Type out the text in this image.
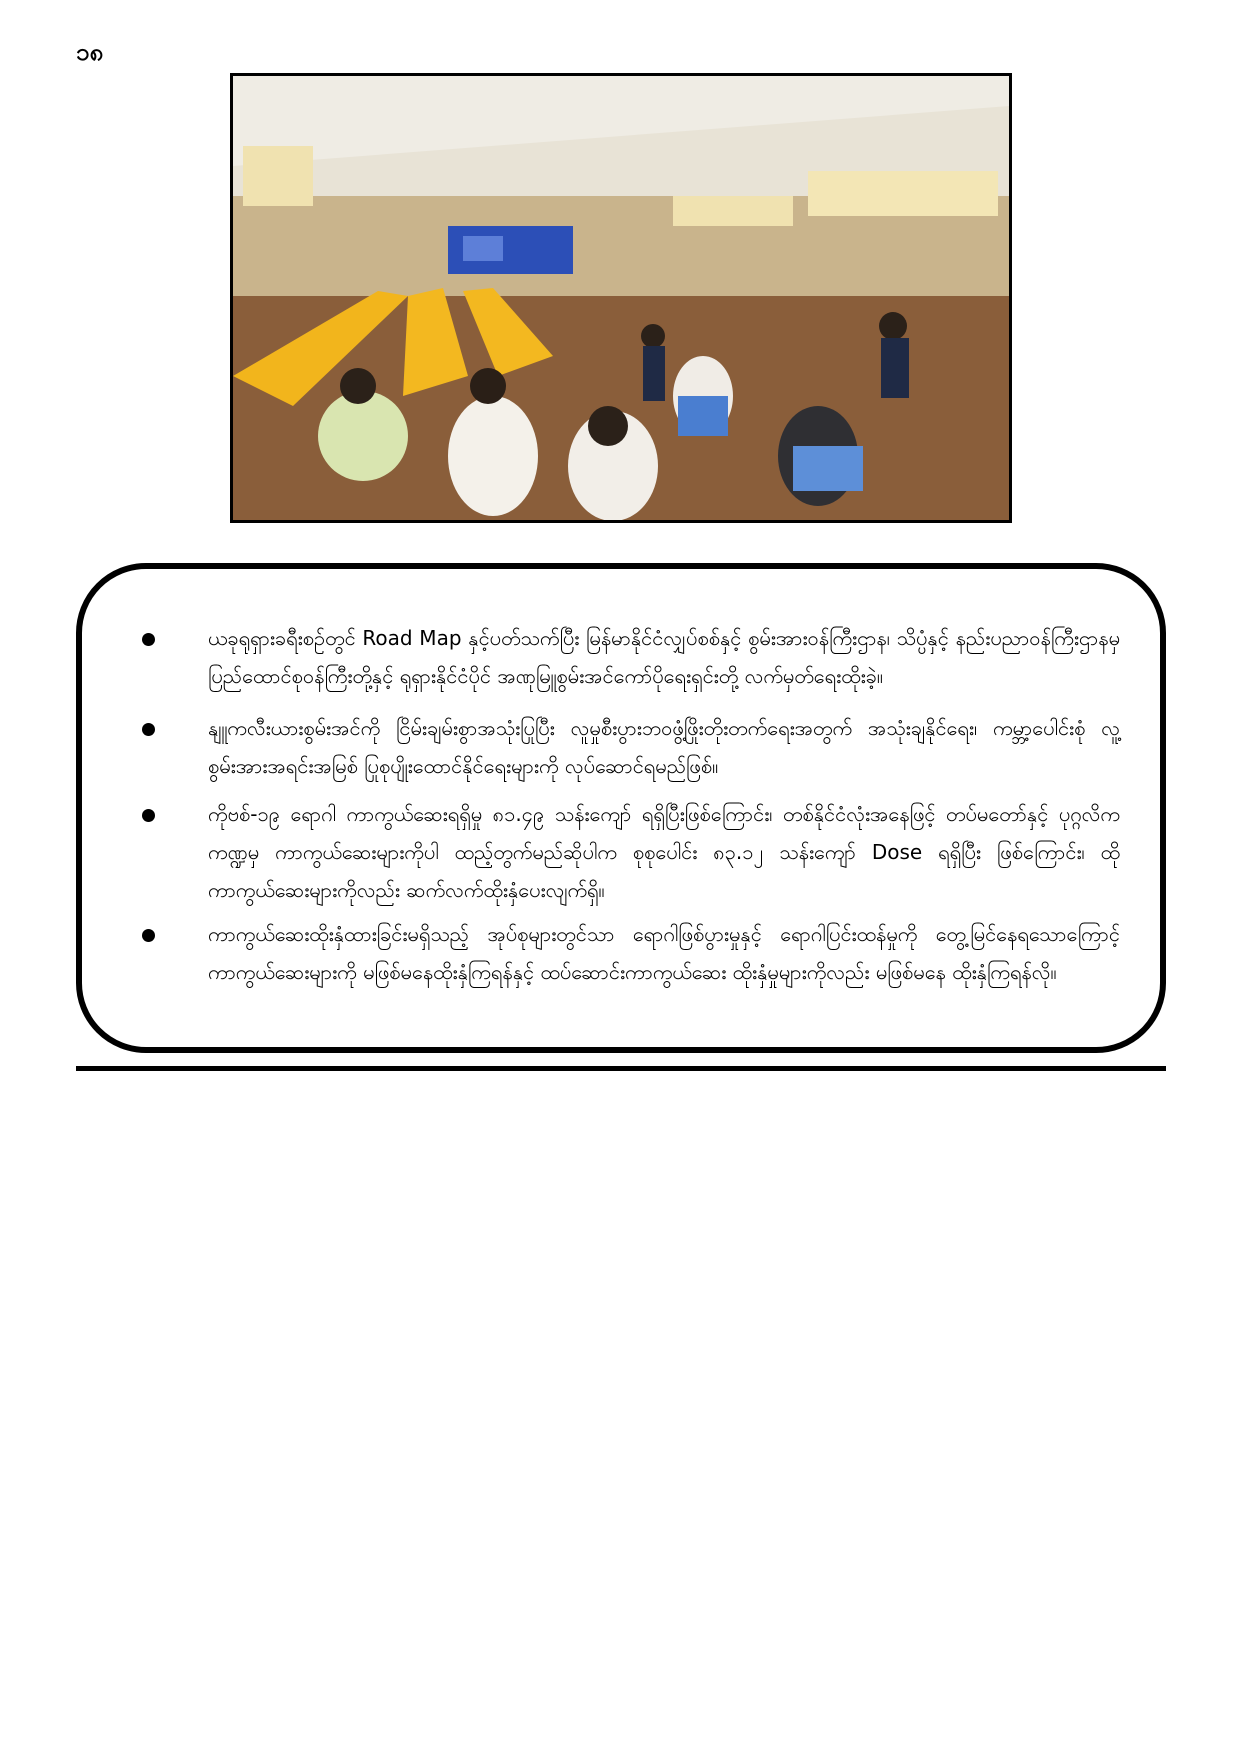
၁၈
ယခုရုရှားခရီးစဉ်တွင် Road Map နှင့်ပတ်သက်ပြီး မြန်မာနိုင်ငံလျှပ်စစ်နှင့် စွမ်းအားဝန်ကြီးဌာန၊ သိပ္ပံနှင့် နည်းပညာဝန်ကြီးဌာနမှ ပြည်ထောင်စုဝန်ကြီးတို့နှင့် ရုရှားနိုင်ငံပိုင် အဏုမြူစွမ်းအင်ကော်ပိုရေးရှင်းတို့ လက်မှတ်ရေးထိုးခဲ့။
နျူကလီးယားစွမ်းအင်ကို ငြိမ်းချမ်းစွာအသုံးပြုပြီး လူမှုစီးပွားဘဝဖွံ့ဖြိုးတိုးတက်ရေးအတွက် အသုံးချနိုင်ရေး၊ ကမ္ဘာ့ပေါင်းစုံ လူ့စွမ်းအားအရင်းအမြစ် ပြုစုပျိုးထောင်နိုင်ရေးများကို လုပ်ဆောင်ရမည်ဖြစ်။
ကိုဗစ်-၁၉ ရောဂါ ကာကွယ်ဆေးရရှိမှု ၈၁.၄၉ သန်းကျော် ရရှိပြီးဖြစ်ကြောင်း၊ တစ်နိုင်ငံလုံးအနေဖြင့် တပ်မတော်နှင့် ပုဂ္ဂလိကကဏ္ဍမှ ကာကွယ်ဆေးများကိုပါ ထည့်တွက်မည်ဆိုပါက စုစုပေါင်း ၈၃.၁၂ သန်းကျော် Dose ရရှိပြီး ဖြစ်ကြောင်း၊ ထိုကာကွယ်ဆေးများကိုလည်း ဆက်လက်ထိုးနှံပေးလျက်ရှိ။
ကာကွယ်ဆေးထိုးနှံထားခြင်းမရှိသည့် အုပ်စုများတွင်သာ ရောဂါဖြစ်ပွားမှုနှင့် ရောဂါပြင်းထန်မှုကို တွေ့မြင်နေရသောကြောင့် ကာကွယ်ဆေးများကို မဖြစ်မနေထိုးနှံကြရန်နှင့် ထပ်ဆောင်းကာကွယ်ဆေး ထိုးနှံမှုများကိုလည်း မဖြစ်မနေ ထိုးနှံကြရန်လို။
